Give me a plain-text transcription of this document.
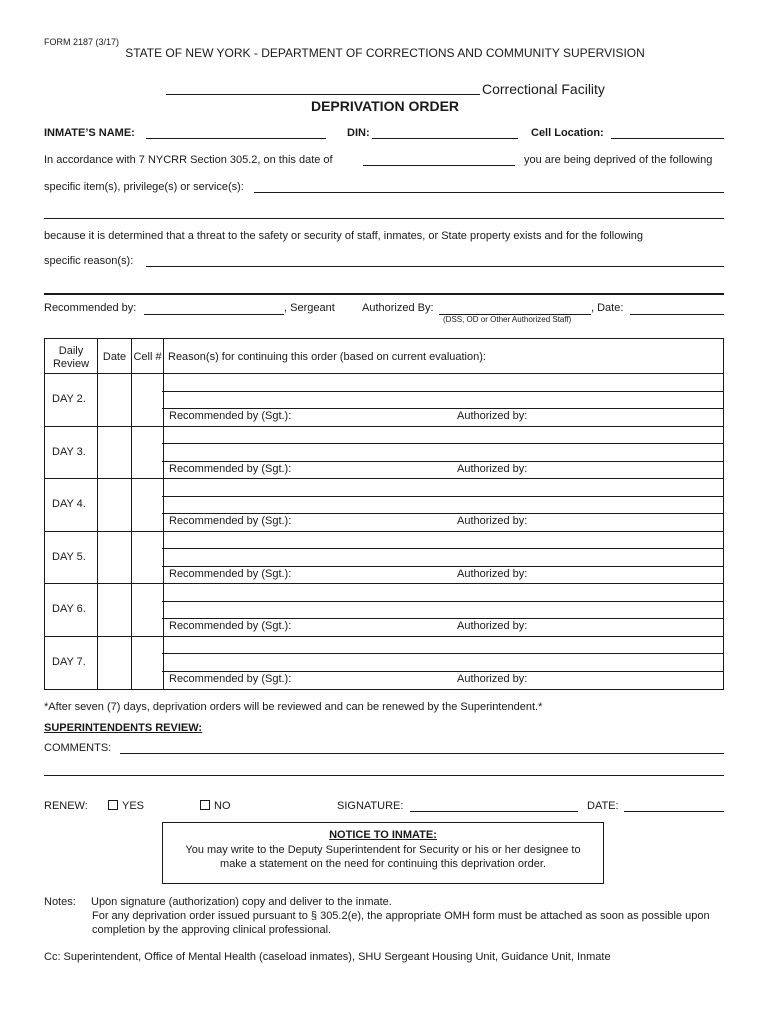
FORM 2187 (3/17)
STATE OF NEW YORK - DEPARTMENT OF CORRECTIONS AND COMMUNITY SUPERVISION
Correctional Facility
DEPRIVATION ORDER
INMATE’S NAME:	DIN:	Cell Location:
In accordance with 7 NYCRR Section 305.2, on this date of	you are being deprived of the following
specific item(s), privilege(s) or service(s):
because it is determined that a threat to the safety or security of staff, inmates, or State property exists and for the following
specific reason(s):
Recommended by:	, Sergeant Authorized By:
(DSS, OD or Other Authorized Staff)
, Date:
Daily
Review
Date Cell # Reason(s) for continuing this order (based on current evaluation):
DAY 2.
Recommended by (Sgt.):	Authorized by:
DAY 3.
Recommended by (Sgt.):	Authorized by:
DAY 4.
Recommended by (Sgt.):	Authorized by:
DAY 5.
Recommended by (Sgt.):	Authorized by:
DAY 6.
Recommended by (Sgt.):	Authorized by:
DAY 7.
Recommended by (Sgt.):	Authorized by:
*After seven (7) days, deprivation orders will be reviewed and can be renewed by the Superintendent.*
SUPERINTENDENTS REVIEW:
COMMENTS:
RENEW:	YES	NO	SIGNATURE:	DATE:
NOTICE TO INMATE:
You may write to the Deputy Superintendent for Security or his or her designee to
make a statement on the need for continuing this deprivation order.
Notes: Upon signature (authorization) copy and deliver to the inmate.
For any deprivation order issued pursuant to § 305.2(e), the appropriate OMH form must be attached as soon as possible upon
completion by the approving clinical professional.
Cc: Superintendent, Office of Mental Health (caseload inmates), SHU Sergeant Housing Unit, Guidance Unit, Inmate
